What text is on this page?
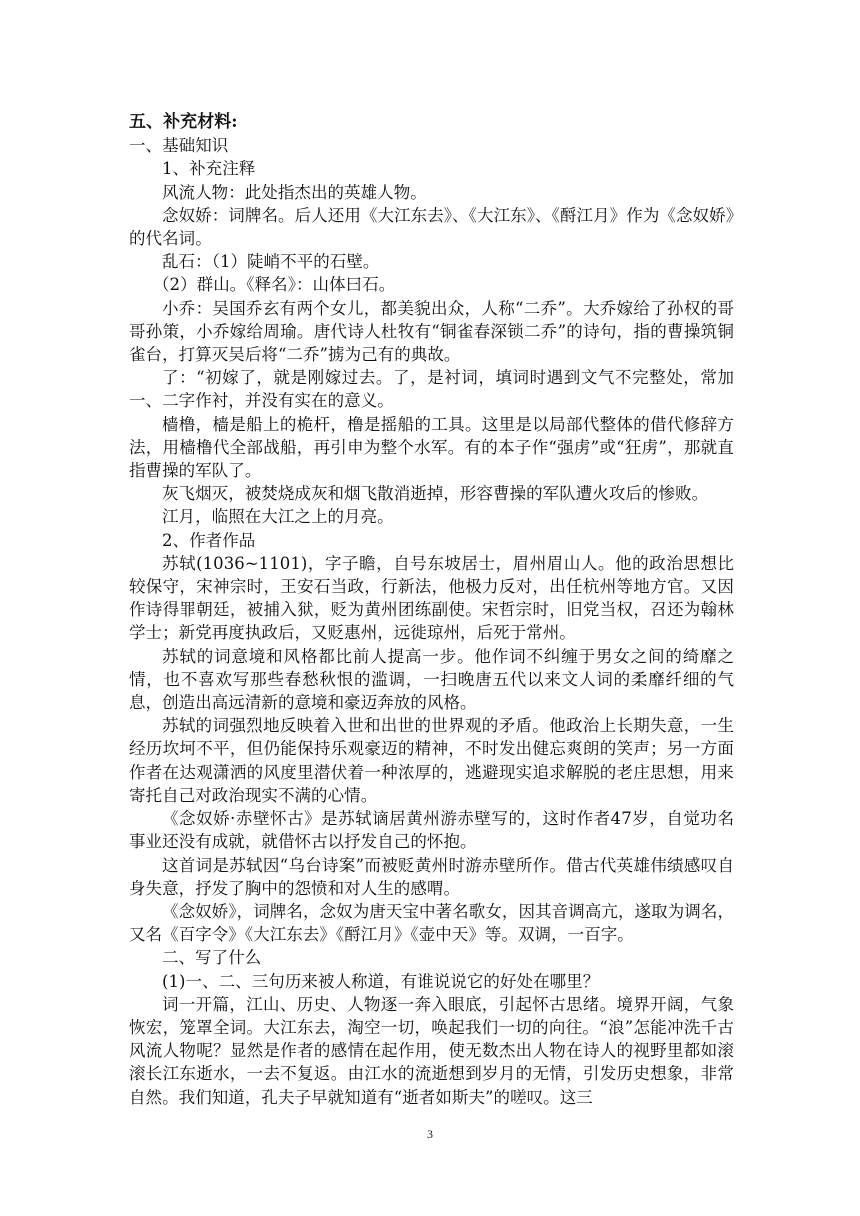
五、补充材料:

一、基础知识

1、补充注释

风流人物：此处指杰出的英雄人物。

念奴娇：词牌名。后人还用《大江东去》、《大江东》、《酹江月》作为《念奴娇》的代名词。

乱石：（1）陡峭不平的石壁。

（2）群山。《释名》：山体曰石。

小乔：吴国乔玄有两个女儿，都美貌出众，人称“二乔”。大乔嫁给了孙权的哥哥孙策，小乔嫁给周瑜。唐代诗人杜牧有“铜雀春深锁二乔”的诗句，指的曹操筑铜雀台，打算灭吴后将“二乔”掳为己有的典故。

了：“初嫁了，就是刚嫁过去。了，是衬词，填词时遇到文气不完整处，常加一、二字作衬，并没有实在的意义。

樯橹，樯是船上的桅杆，橹是摇船的工具。这里是以局部代整体的借代修辞方法，用樯橹代全部战船，再引申为整个水军。有的本子作“强虏”或“狂虏”，那就直指曹操的军队了。

灰飞烟灭，被焚烧成灰和烟飞散消逝掉，形容曹操的军队遭火攻后的惨败。

江月，临照在大江之上的月亮。

2、作者作品

苏轼(1036~1101)，字子瞻，自号东坡居士，眉州眉山人。他的政治思想比较保守，宋神宗时，王安石当政，行新法，他极力反对，出任杭州等地方官。又因作诗得罪朝廷，被捕入狱，贬为黄州团练副使。宋哲宗时，旧党当权，召还为翰林学士；新党再度执政后，又贬惠州，远徙琼州，后死于常州。

苏轼的词意境和风格都比前人提高一步。他作词不纠缠于男女之间的绮靡之情，也不喜欢写那些春愁秋恨的滥调，一扫晚唐五代以来文人词的柔靡纤细的气息，创造出高远清新的意境和豪迈奔放的风格。

苏轼的词强烈地反映着入世和出世的世界观的矛盾。他政治上长期失意，一生经历坎坷不平，但仍能保持乐观豪迈的精神，不时发出健忘爽朗的笑声；另一方面作者在达观潇洒的风度里潜伏着一种浓厚的，逃避现实追求解脱的老庄思想，用来寄托自己对政治现实不满的心情。

《念奴娇·赤壁怀古》是苏轼谪居黄州游赤壁写的，这时作者47岁，自觉功名事业还没有成就，就借怀古以抒发自己的怀抱。

这首词是苏轼因“乌台诗案”而被贬黄州时游赤壁所作。借古代英雄伟绩感叹自身失意，抒发了胸中的怨愤和对人生的感喟。

《念奴娇》，词牌名，念奴为唐天宝中著名歌女，因其音调高亢，遂取为调名，又名《百字令》《大江东去》《酹江月》《壶中天》等。双调，一百字。

二、写了什么

(1)一、二、三句历来被人称道，有谁说说它的好处在哪里？

词一开篇，江山、历史、人物逐一奔入眼底，引起怀古思绪。境界开阔，气象恢宏，笼罩全词。大江东去，淘空一切，唤起我们一切的向往。“浪”怎能冲洗千古风流人物呢？显然是作者的感情在起作用，使无数杰出人物在诗人的视野里都如滚滚长江东逝水，一去不复返。由江水的流逝想到岁月的无情，引发历史想象，非常自然。我们知道，孔夫子早就知道有“逝者如斯夫”的嗟叹。这三

3
